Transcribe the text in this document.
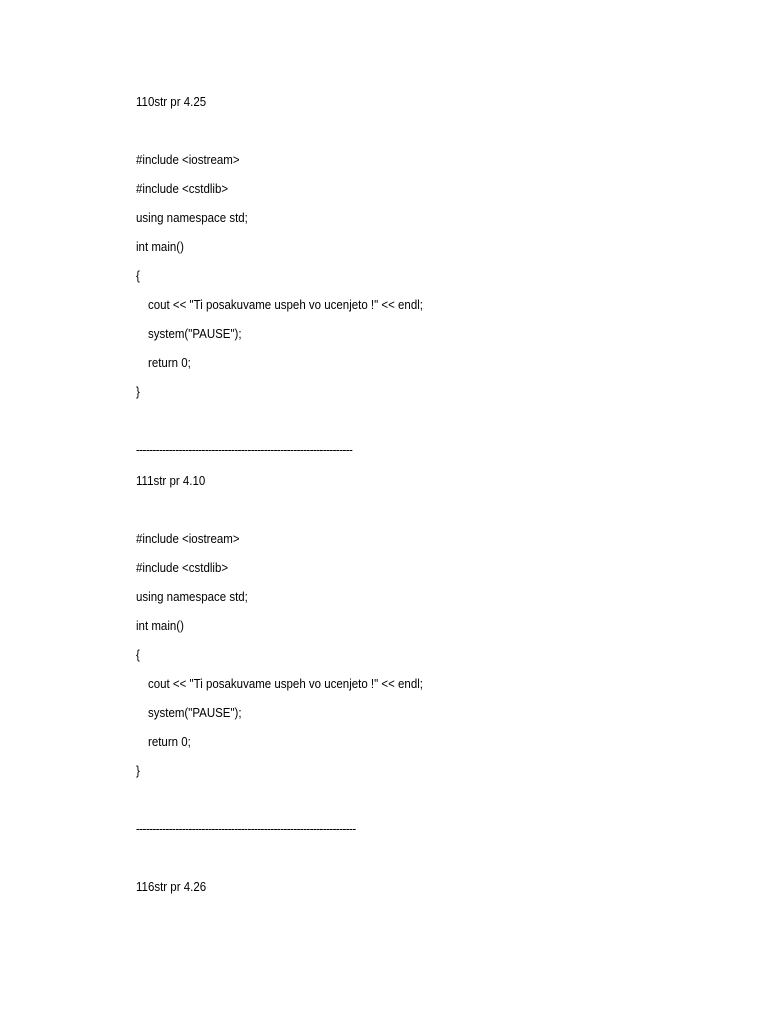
110str pr 4.25
#include <iostream>
#include <cstdlib>
using namespace std;
int main()
{
cout << "Ti posakuvame uspeh vo ucenjeto !" << endl;
system("PAUSE");
return 0;
}
------------------------------------------------------------------
111str pr 4.10
#include <iostream>
#include <cstdlib>
using namespace std;
int main()
{
cout << "Ti posakuvame uspeh vo ucenjeto !" << endl;
system("PAUSE");
return 0;
}
-------------------------------------------------------------------
116str pr 4.26
